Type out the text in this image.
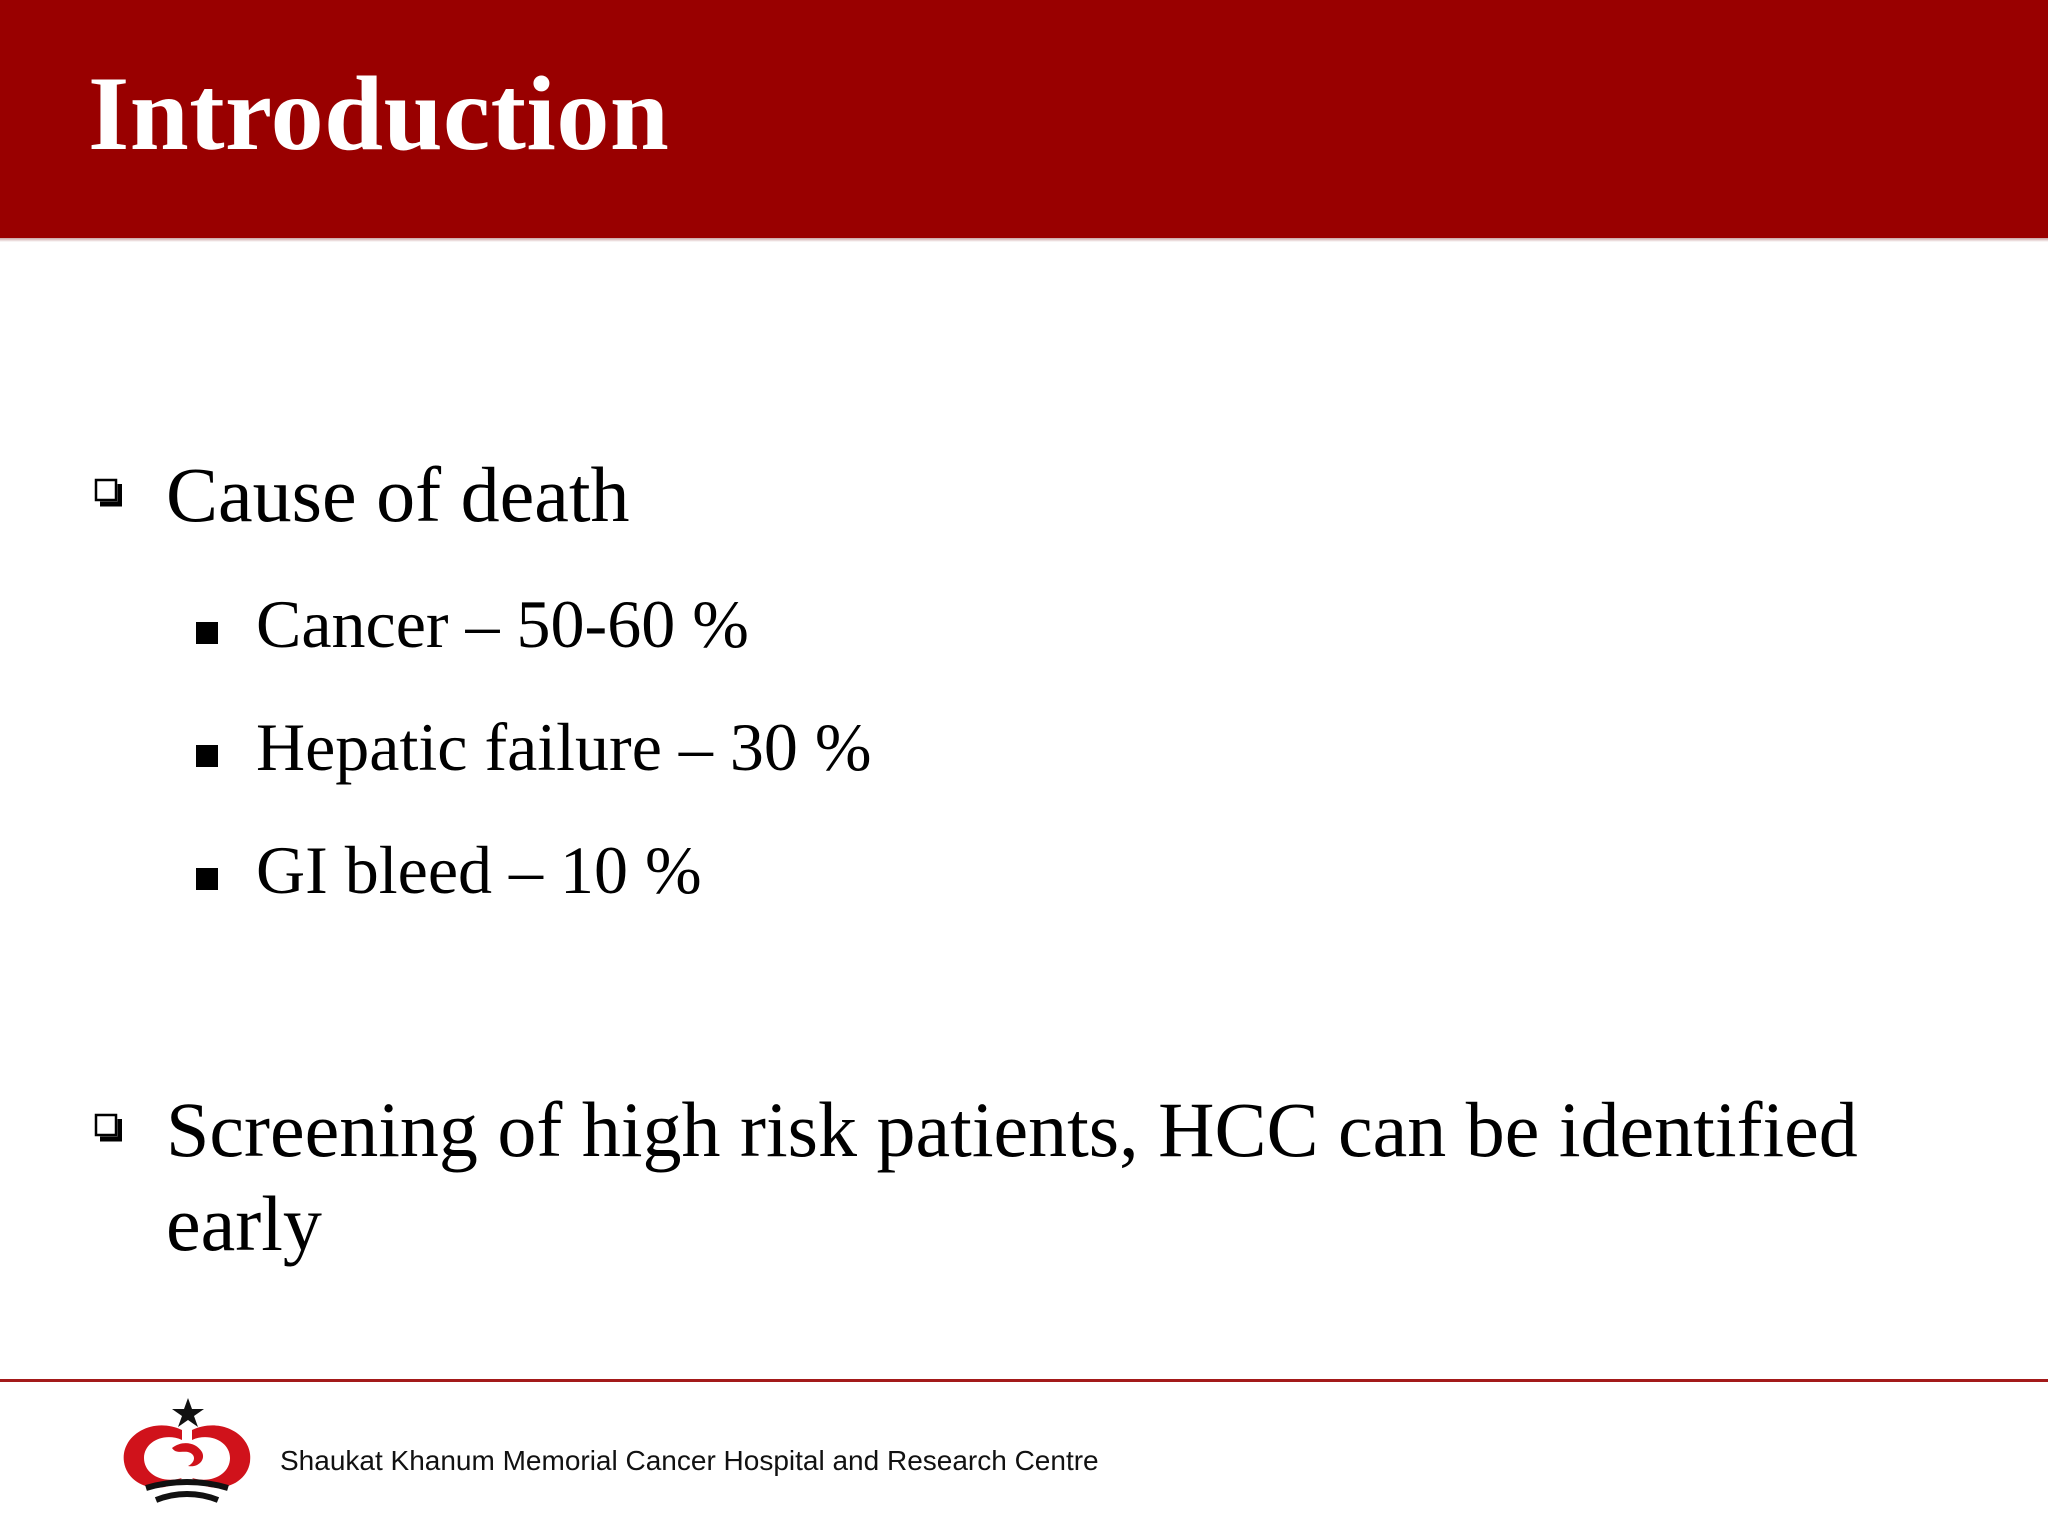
Introduction
Cause of death
Cancer – 50-60 %
Hepatic failure – 30 %
GI bleed – 10 %
Screening of high risk patients, HCC can be identified early
Shaukat Khanum Memorial Cancer Hospital and Research Centre
